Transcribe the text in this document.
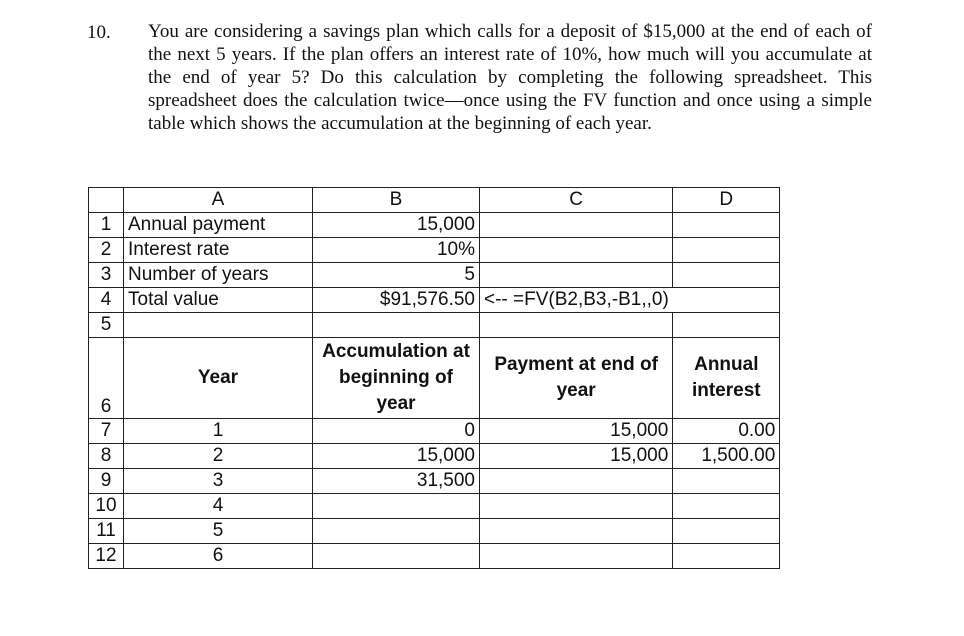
10. You are considering a savings plan which calls for a deposit of $15,000 at the end of each of the next 5 years. If the plan offers an interest rate of 10%, how much will you accumulate at the end of year 5? Do this calculation by completing the following spreadsheet. This spreadsheet does the calculation twice—once using the FV function and once using a simple table which shows the accumulation at the beginning of each year.

	A	B	C	D
1	Annual payment	15,000		
2	Interest rate	10%		
3	Number of years	5		
4	Total value	$91,576.50	<-- =FV(B2,B3,-B1,,0)	
5				
6	Year	Accumulation at beginning of year	Payment at end of year	Annual interest
7	1	0	15,000	0.00
8	2	15,000	15,000	1,500.00
9	3	31,500		
10	4			
11	5			
12	6			
